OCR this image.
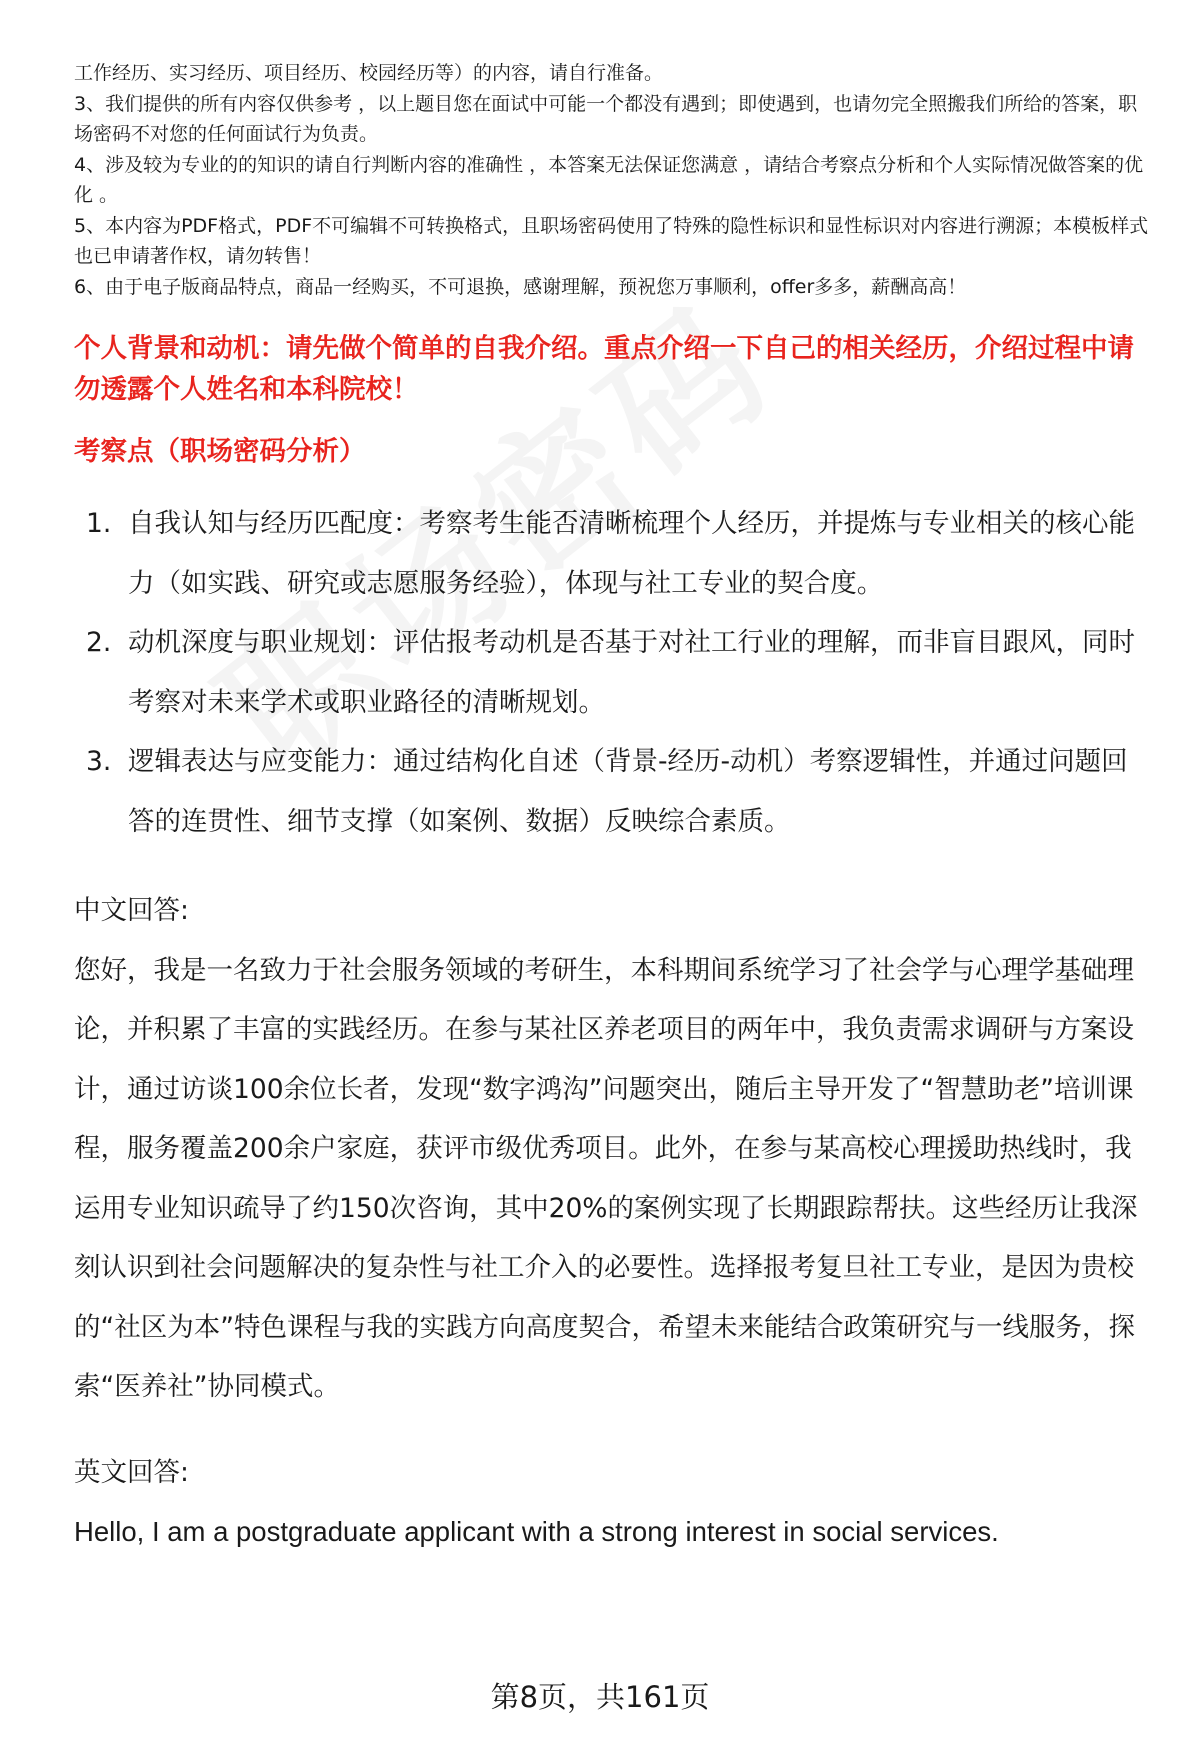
工作经历、实习经历、项目经历、校园经历等）的内容，请自行准备。

3、我们提供的所有内容仅供参考 ，以上题目您在面试中可能一个都没有遇到；即使遇到，也请勿完全照搬我们所给的答案，职场密码不对您的任何面试行为负责。

4、涉及较为专业的的知识的请自行判断内容的准确性 ，本答案无法保证您满意 ，请结合考察点分析和个人实际情况做答案的优化 。

5、本内容为PDF格式，PDF不可编辑不可转换格式，且职场密码使用了特殊的隐性标识和显性标识对内容进行溯源；本模板样式也已申请著作权，请勿转售！

6、由于电子版商品特点，商品一经购买，不可退换，感谢理解，预祝您万事顺利，offer多多，薪酬高高！

个人背景和动机：请先做个简单的自我介绍。重点介绍一下自己的相关经历，介绍过程中请勿透露个人姓名和本科院校！
考察点（职场密码分析）
1. 自我认知与经历匹配度：考察考生能否清晰梳理个人经历，并提炼与专业相关的核心能力（如实践、研究或志愿服务经验），体现与社工专业的契合度。
2. 动机深度与职业规划：评估报考动机是否基于对社工行业的理解，而非盲目跟风，同时考察对未来学术或职业路径的清晰规划。
3. 逻辑表达与应变能力：通过结构化自述（背景-经历-动机）考察逻辑性，并通过问题回答的连贯性、细节支撑（如案例、数据）反映综合素质。

中文回答:

您好，我是一名致力于社会服务领域的考研生，本科期间系统学习了社会学与心理学基础理论，并积累了丰富的实践经历。在参与某社区养老项目的两年中，我负责需求调研与方案设计，通过访谈100余位长者，发现“数字鸿沟”问题突出，随后主导开发了“智慧助老”培训课程，服务覆盖200余户家庭，获评市级优秀项目。此外，在参与某高校心理援助热线时，我运用专业知识疏导了约150次咨询，其中20%的案例实现了长期跟踪帮扶。这些经历让我深刻认识到社会问题解决的复杂性与社工介入的必要性。选择报考复旦社工专业，是因为贵校的“社区为本”特色课程与我的实践方向高度契合，希望未来能结合政策研究与一线服务，探索“医养社”协同模式。

英文回答:

Hello, I am a postgraduate applicant with a strong interest in social services.

第8页，共161页
